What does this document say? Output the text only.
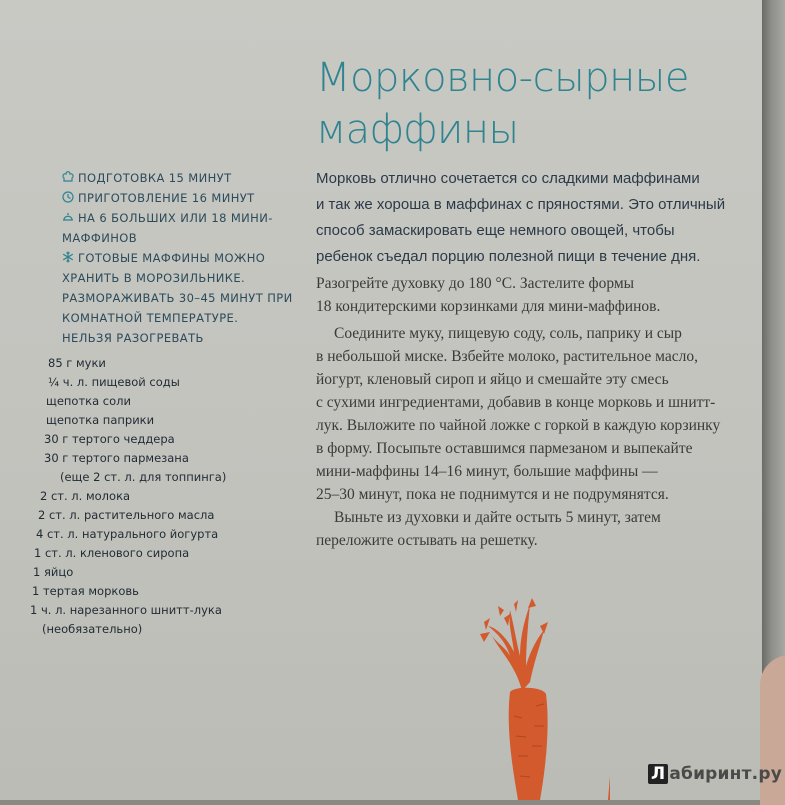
Морковно-сырные
маффины
Морковь отлично сочетается со сладкими маффинами
и так же хороша в маффинах с пряностями. Это отличный
способ замаскировать еще немного овощей, чтобы
ребенок съедал порцию полезной пищи в течение дня.
ПОДГОТОВКА 15 МИНУТ
ПРИГОТОВЛЕНИЕ 16 МИНУТ
НА 6 БОЛЬШИХ ИЛИ 18 МИНИ-
МАФФИНОВ
ГОТОВЫЕ МАФФИНЫ МОЖНО
ХРАНИТЬ В МОРОЗИЛЬНИКЕ.
РАЗМОРАЖИВАТЬ 30–45 МИНУТ ПРИ
КОМНАТНОЙ ТЕМПЕРАТУРЕ.
НЕЛЬЗЯ РАЗОГРЕВАТЬ
85 г муки
¼ ч. л. пищевой соды
щепотка соли
щепотка паприки
30 г тертого чеддера
30 г тертого пармезана
(еще 2 ст. л. для топпинга)
2 ст. л. молока
2 ст. л. растительного масла
4 ст. л. натурального йогурта
1 ст. л. кленового сиропа
1 яйцо
1 тертая морковь
1 ч. л. нарезанного шнитт-лука
(необязательно)
Разогрейте духовку до 180 °С. Застелите формы
18 кондитерскими корзинками для мини-маффинов.
Соедините муку, пищевую соду, соль, паприку и сыр
в небольшой миске. Взбейте молоко, растительное масло,
йогурт, кленовый сироп и яйцо и смешайте эту смесь
с сухими ингредиентами, добавив в конце морковь и шнитт-
лук. Выложите по чайной ложке с горкой в каждую корзинку
в форму. Посыпьте оставшимся пармезаном и выпекайте
мини-маффины 14–16 минут, большие маффины —
25–30 минут, пока не поднимутся и не подрумянятся.
Выньте из духовки и дайте остыть 5 минут, затем
переложите остывать на решетку.
Л абиринт.ру
